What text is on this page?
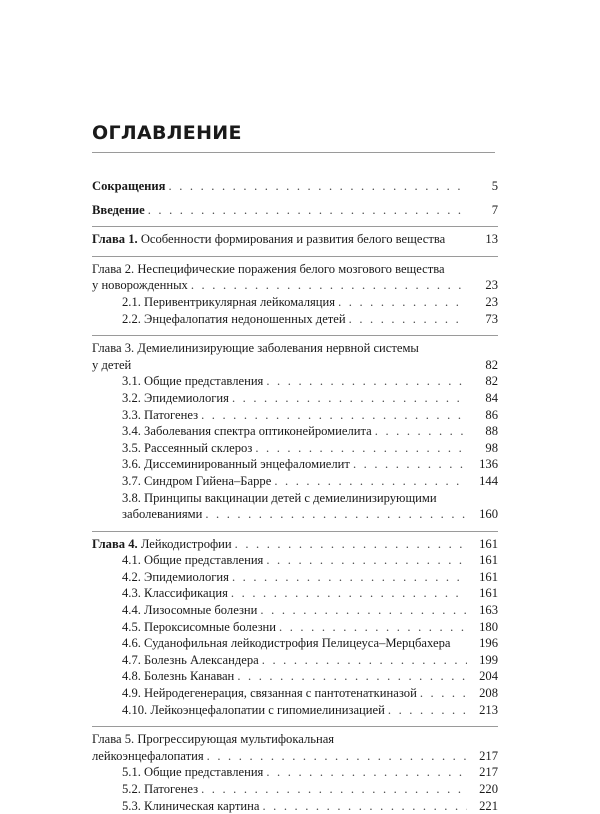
ОГЛАВЛЕНИЕ
Сокращения . . .	5
Введение . . .	7
Глава 1. Особенности формирования и развития белого вещества	13
Глава 2. Неспецифические поражения белого мозгового вещества
у новорожденных . . .	23
2.1. Перивентрикулярная лейкомаляция . . .	23
2.2. Энцефалопатия недоношенных детей . . .	73
Глава 3. Демиелинизирующие заболевания нервной системы
у детей	82
3.1. Общие представления . . .	82
3.2. Эпидемиология . . .	84
3.3. Патогенез . . .	86
3.4. Заболевания спектра оптиконейромиелита . . .	88
3.5. Рассеянный склероз . . .	98
3.6. Диссеминированный энцефаломиелит . . .	136
3.7. Синдром Гийена–Барре . . .	144
3.8. Принципы вакцинации детей с демиелинизирующими
заболеваниями . . .	160
Глава 4. Лейкодистрофии . . .	161
4.1. Общие представления . . .	161
4.2. Эпидемиология . . .	161
4.3. Классификация . . .	161
4.4. Лизосомные болезни . . .	163
4.5. Пероксисомные болезни . . .	180
4.6. Суданофильная лейкодистрофия Пелицеуса–Мерцбахера	196
4.7. Болезнь Александера . . .	199
4.8. Болезнь Канаван . . .	204
4.9. Нейродегенерация, связанная с пантотенаткиназой . . .	208
4.10. Лейкоэнцефалопатии с гипомиелинизацией . . .	213
Глава 5. Прогрессирующая мультифокальная
лейкоэнцефалопатия . . .	217
5.1. Общие представления . . .	217
5.2. Патогенез . . .	220
5.3. Клиническая картина . . .	221
